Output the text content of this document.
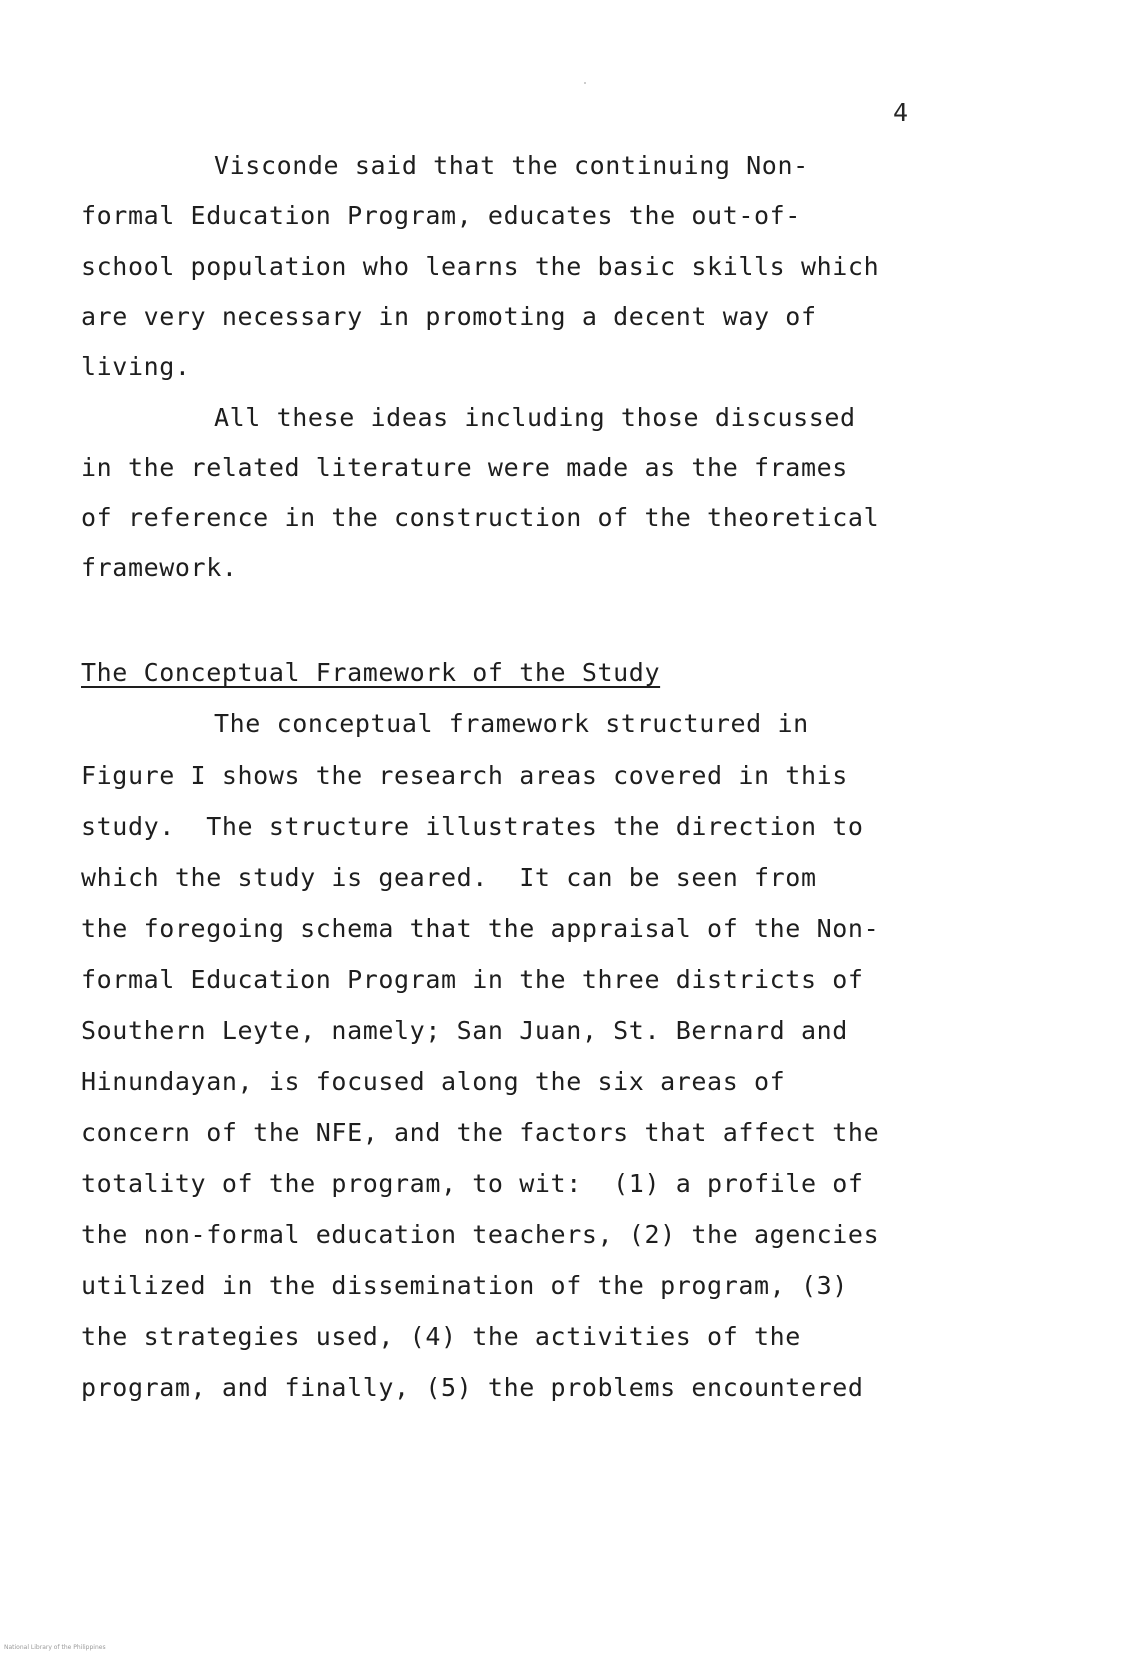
4

Visconde said that the continuing Non-

formal Education Program, educates the out-of-

school population who learns the basic skills which

are very necessary in promoting a decent way of

living.

All these ideas including those discussed

in the related literature were made as the frames

of reference in the construction of the theoretical

framework.

The Conceptual Framework of the Study

The conceptual framework structured in

Figure I shows the research areas covered in this

study.  The structure illustrates the direction to

which the study is geared.  It can be seen from

the foregoing schema that the appraisal of the Non-

formal Education Program in the three districts of

Southern Leyte, namely; San Juan, St. Bernard and

Hinundayan, is focused along the six areas of

concern of the NFE, and the factors that affect the

totality of the program, to wit:  (1) a profile of

the non-formal education teachers, (2) the agencies

utilized in the dissemination of the program, (3)

the strategies used, (4) the activities of the

program, and finally, (5) the problems encountered

National Library of the Philippines
